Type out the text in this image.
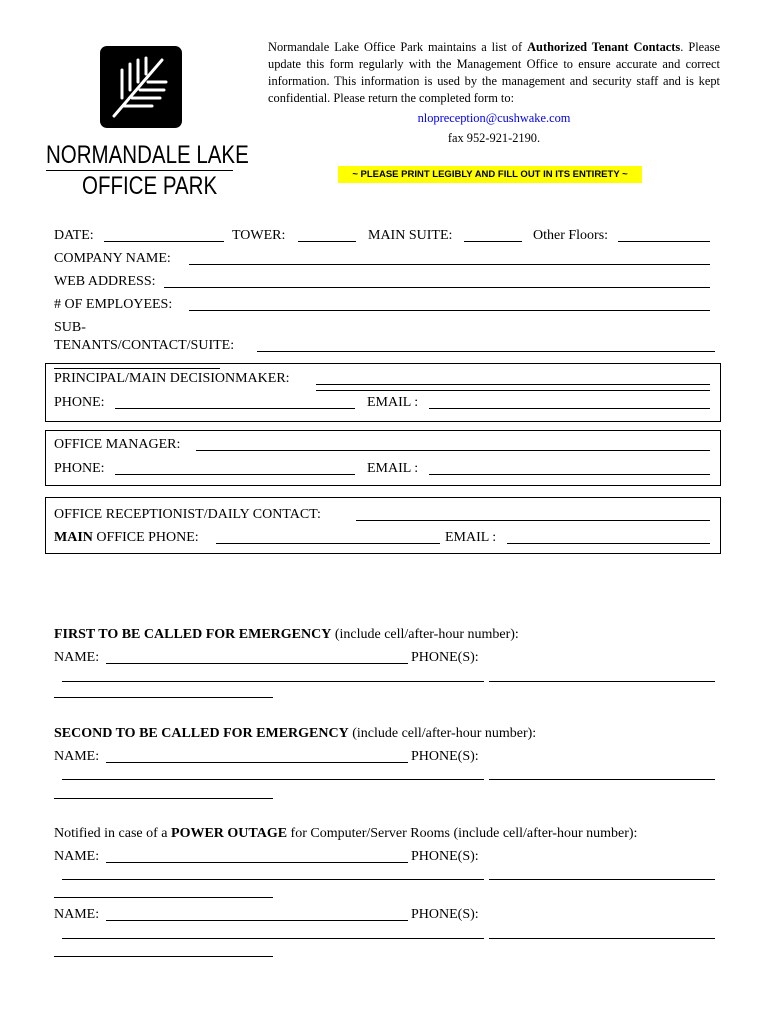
NORMANDALE LAKE
OFFICE PARK
Normandale Lake Office Park maintains a list of Authorized Tenant Contacts. Please update this form regularly with the Management Office to ensure accurate and correct information. This information is used by the management and security staff and is kept confidential. Please return the completed form to:
nlopreception@cushwake.com
fax 952-921-2190.
~ PLEASE PRINT LEGIBLY AND FILL OUT IN ITS ENTIRETY ~
DATE:	TOWER:	MAIN SUITE:	Other Floors:
COMPANY NAME:
WEB ADDRESS:
# OF EMPLOYEES:
SUB-
TENANTS/CONTACT/SUITE:
PRINCIPAL/MAIN DECISIONMAKER:
PHONE:	EMAIL :
OFFICE MANAGER:
PHONE:	EMAIL :
OFFICE RECEPTIONIST/DAILY CONTACT:
MAIN OFFICE PHONE:	EMAIL :
FIRST TO BE CALLED FOR EMERGENCY (include cell/after-hour number):
NAME:	PHONE(S):
SECOND TO BE CALLED FOR EMERGENCY (include cell/after-hour number):
NAME:	PHONE(S):
Notified in case of a POWER OUTAGE for Computer/Server Rooms (include cell/after-hour number):
NAME:	PHONE(S):
NAME:	PHONE(S):
